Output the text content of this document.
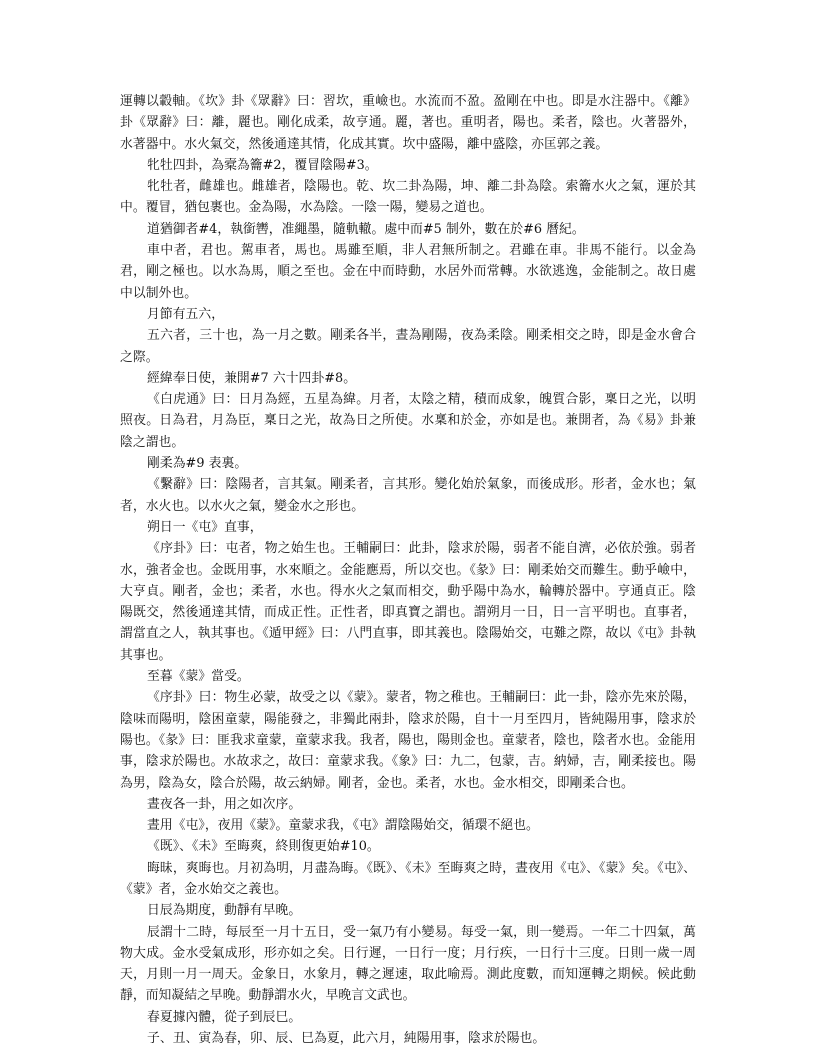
運轉以轂軸。《坎》卦《眾辭》曰：習坎，重嶮也。水流而不盈。盈剛在中也。即是水注器中。《離》卦《眾辭》曰：離，麗也。剛化成柔，故亨通。麗，著也。重明者，陽也。柔者，陰也。火著器外，水著器中。水火氣交，然後通達其情，化成其實。坎中盛陽，離中盛陰，亦匡郭之義。

牝牡四卦，為槖為籥#2，覆冒陰陽#3。

牝牡者，雌雄也。雌雄者，陰陽也。乾、坎二卦為陽，坤、離二卦為陰。索籥水火之氣，運於其中。覆冒，猶包裹也。金為陽，水為陰。一陰一陽，變易之道也。

道猶御者#4，執銜轡，准繩墨，隨軌轍。處中而#5 制外，數在於#6 曆紀。

車中者，君也。駕車者，馬也。馬雖至順，非人君無所制之。君雖在車。非馬不能行。以金為君，剛之極也。以水為馬，順之至也。金在中而時動，水居外而常轉。水欲逃逸，金能制之。故日處中以制外也。

月節有五六，

五六者，三十也，為一月之數。剛柔各半，晝為剛陽，夜為柔陰。剛柔相交之時，即是金水會合之際。

經緯奉日使，兼開#7 六十四卦#8。

《白虎通》曰：日月為經，五星為緯。月者，太陰之精，積而成象，魄質合影，稟日之光，以明照夜。日為君，月為臣，稟日之光，故為日之所使。水稟和於金，亦如是也。兼開者，為《易》卦兼陰之謂也。

剛柔為#9 表裏。

《繫辭》曰：陰陽者，言其氣。剛柔者，言其形。變化始於氣象，而後成形。形者，金水也；氣者，水火也。以水火之氣，變金水之形也。

朔日一《屯》直事，

《序卦》曰：屯者，物之始生也。王輔嗣曰：此卦，陰求於陽，弱者不能自濟，必依於強。弱者水，強者金也。金既用事，水來順之。金能應焉，所以交也。《彖》曰：剛柔始交而難生。動乎嶮中，大亨貞。剛者，金也；柔者，水也。得水火之氣而相交，動乎陽中為水，輪轉於器中。亨通貞正。陰陽既交，然後通達其情，而成正性。正性者，即真寶之謂也。謂朔月一日，日一言平明也。直事者，謂當直之人，執其事也。《遁甲經》曰：八門直事，即其義也。陰陽始交，屯難之際，故以《屯》卦執其事也。

至暮《蒙》當受。

《序卦》曰：物生必蒙，故受之以《蒙》。蒙者，物之稚也。王輔嗣曰：此一卦，陰亦先來於陽，陰味而陽明，陰困童蒙，陽能發之，非獨此兩卦，陰求於陽，自十一月至四月，皆純陽用事，陰求於陽也。《彖》曰：匪我求童蒙，童蒙求我。我者，陽也，陽則金也。童蒙者，陰也，陰者水也。金能用事，陰求於陽也。水故求之，故曰：童蒙求我。《象》曰：九二，包蒙，吉。納婦，吉，剛柔接也。陽為男，陰為女，陰合於陽，故云納婦。剛者，金也。柔者，水也。金水相交，即剛柔合也。

晝夜各一卦，用之如次序。

晝用《屯》，夜用《蒙》。童蒙求我，《屯》謂陰陽始交，循環不絕也。

《既》、《未》至晦爽，終則復更始#10。

晦昧，爽晦也。月初為明，月盡為晦。《既》、《未》至晦爽之時，晝夜用《屯》、《蒙》矣。《屯》、《蒙》者，金水始交之義也。

日辰為期度，動靜有早晚。

辰謂十二時，每辰至一月十五日，受一氣乃有小變易。每受一氣，則一變焉。一年二十四氣，萬物大成。金水受氣成形，形亦如之矣。日行遲，一日行一度；月行疾，一日行十三度。日則一歲一周天，月則一月一周天。金象日，水象月，轉之遲速，取此喻焉。測此度數，而知運轉之期候。候此動靜，而知凝結之早晚。動靜謂水火，早晚言文武也。

春夏據內體，從子到辰巳。

子、丑、寅為春，卯、辰、巳為夏，此六月，純陽用事，陰求於陽也。
